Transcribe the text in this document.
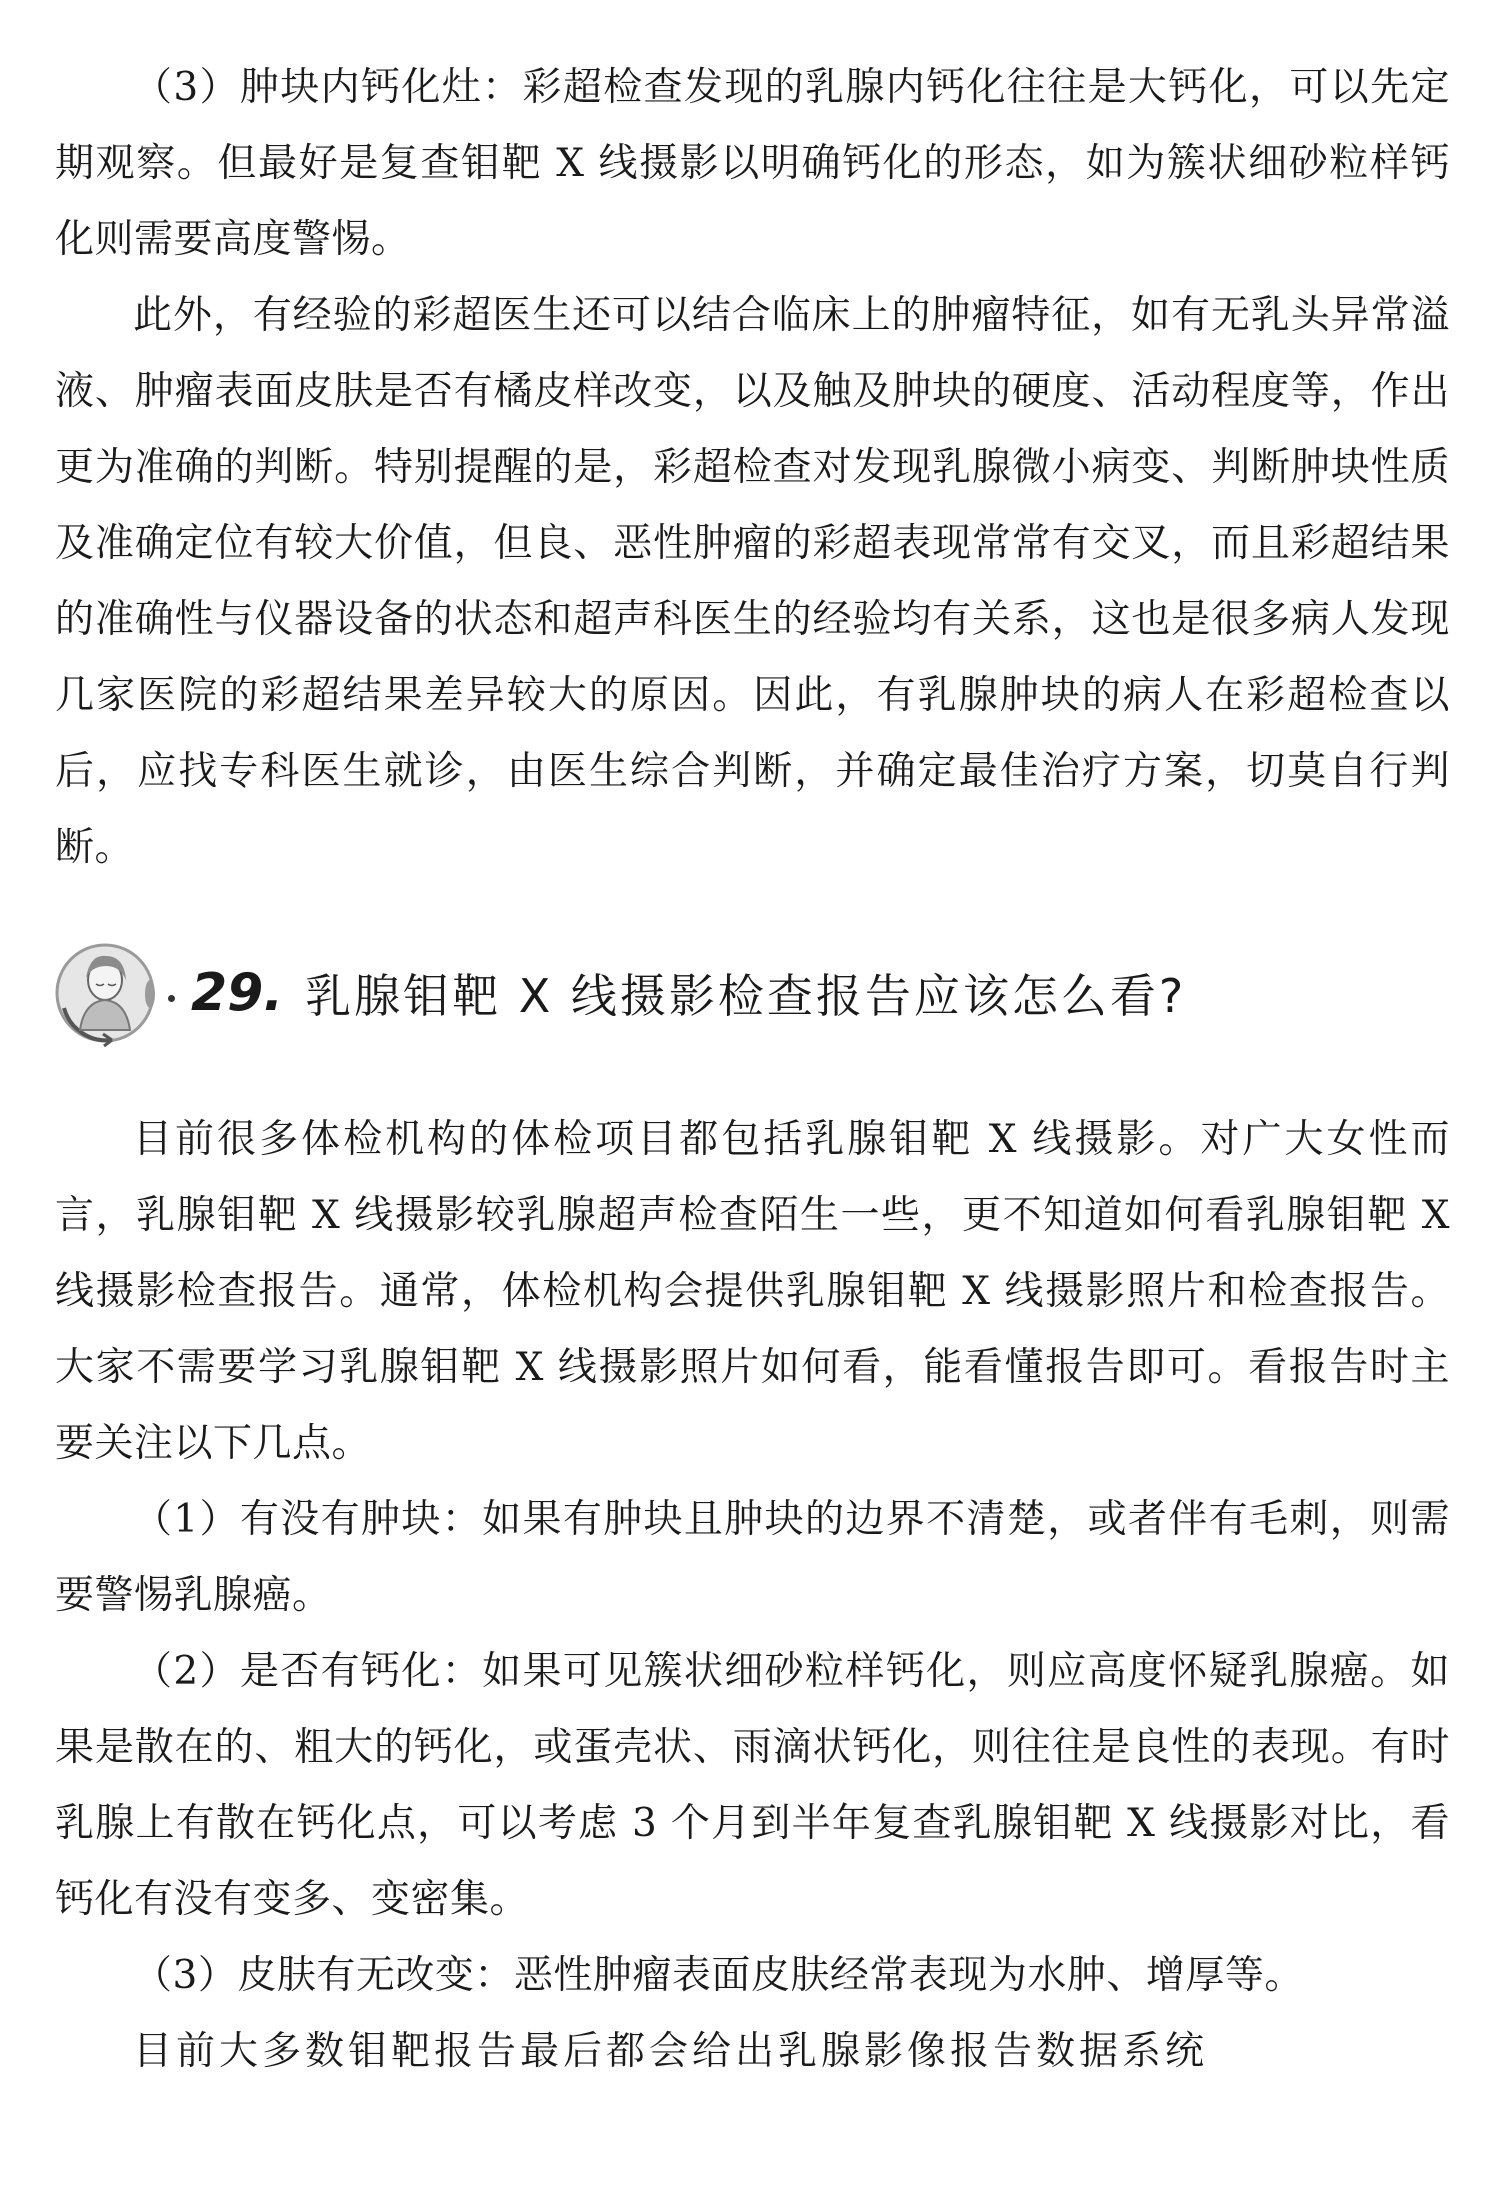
（3）肿块内钙化灶：彩超检查发现的乳腺内钙化往往是大钙化，可以先定期观察。但最好是复查钼靶 X 线摄影以明确钙化的形态，如为簇状细砂粒样钙化则需要高度警惕。

此外，有经验的彩超医生还可以结合临床上的肿瘤特征，如有无乳头异常溢液、肿瘤表面皮肤是否有橘皮样改变，以及触及肿块的硬度、活动程度等，作出更为准确的判断。特别提醒的是，彩超检查对发现乳腺微小病变、判断肿块性质及准确定位有较大价值，但良、恶性肿瘤的彩超表现常常有交叉，而且彩超结果的准确性与仪器设备的状态和超声科医生的经验均有关系，这也是很多病人发现几家医院的彩超结果差异较大的原因。因此，有乳腺肿块的病人在彩超检查以后，应找专科医生就诊，由医生综合判断，并确定最佳治疗方案，切莫自行判断。

29. 乳腺钼靶 X 线摄影检查报告应该怎么看?

目前很多体检机构的体检项目都包括乳腺钼靶 X 线摄影。对广大女性而言，乳腺钼靶 X 线摄影较乳腺超声检查陌生一些，更不知道如何看乳腺钼靶 X 线摄影检查报告。通常，体检机构会提供乳腺钼靶 X 线摄影照片和检查报告。大家不需要学习乳腺钼靶 X 线摄影照片如何看，能看懂报告即可。看报告时主要关注以下几点。

（1）有没有肿块：如果有肿块且肿块的边界不清楚，或者伴有毛刺，则需要警惕乳腺癌。

（2）是否有钙化：如果可见簇状细砂粒样钙化，则应高度怀疑乳腺癌。如果是散在的、粗大的钙化，或蛋壳状、雨滴状钙化，则往往是良性的表现。有时乳腺上有散在钙化点，可以考虑 3 个月到半年复查乳腺钼靶 X 线摄影对比，看钙化有没有变多、变密集。

（3）皮肤有无改变：恶性肿瘤表面皮肤经常表现为水肿、增厚等。

目前大多数钼靶报告最后都会给出乳腺影像报告数据系统
